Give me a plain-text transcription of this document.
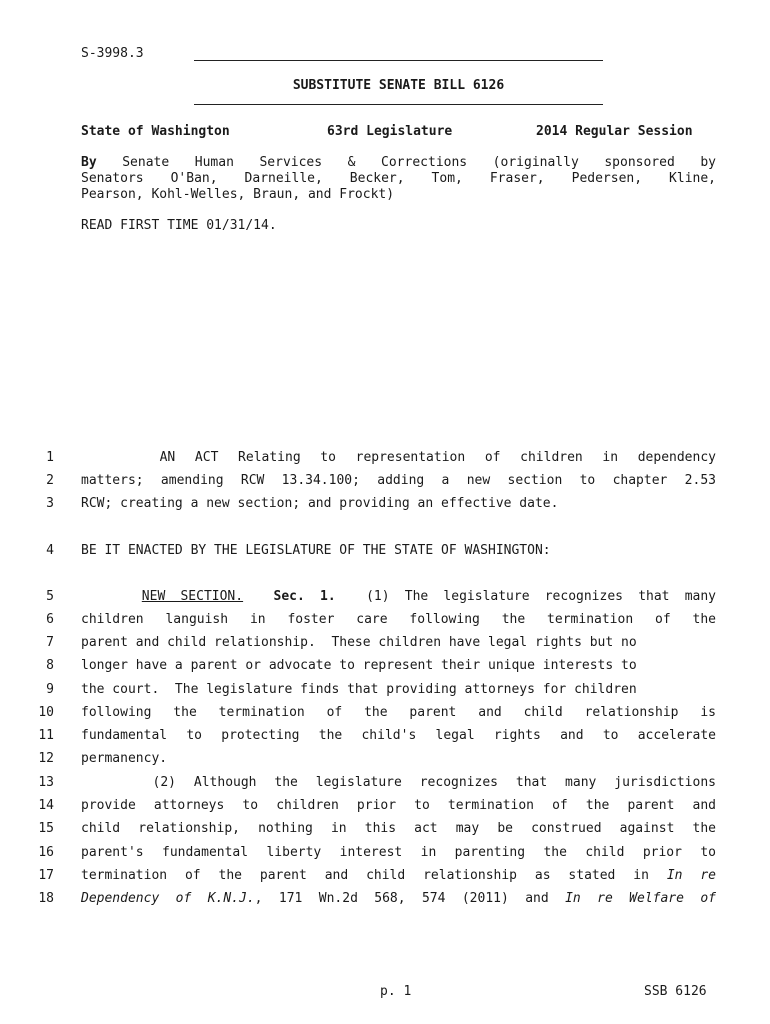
S-3998.3
SUBSTITUTE SENATE BILL 6126
State of Washington	63rd Legislature	2014 Regular Session
By Senate Human Services & Corrections (originally sponsored by
Senators O'Ban, Darneille, Becker, Tom, Fraser, Pedersen, Kline,
Pearson, Kohl-Welles, Braun, and Frockt)
READ FIRST TIME 01/31/14.
1	AN ACT Relating to representation of children in dependency
2 matters; amending RCW 13.34.100; adding a new section to chapter 2.53
3 RCW; creating a new section; and providing an effective date.
4 BE IT ENACTED BY THE LEGISLATURE OF THE STATE OF WASHINGTON:
5	NEW SECTION. Sec. 1. (1) The legislature recognizes that many
6 children languish in foster care following the termination of the
7 parent and child relationship.  These children have legal rights but no
8 longer have a parent or advocate to represent their unique interests to
9 the court.  The legislature finds that providing attorneys for children
10 following the termination of the parent and child relationship is
11 fundamental to protecting the child's legal rights and to accelerate
12 permanency.
13	(2) Although the legislature recognizes that many jurisdictions
14 provide attorneys to children prior to termination of the parent and
15 child relationship, nothing in this act may be construed against the
16 parent's fundamental liberty interest in parenting the child prior to
17 termination of the parent and child relationship as stated in In re
18 Dependency of K.N.J., 171 Wn.2d 568, 574 (2011) and In re Welfare of
p. 1	SSB 6126
